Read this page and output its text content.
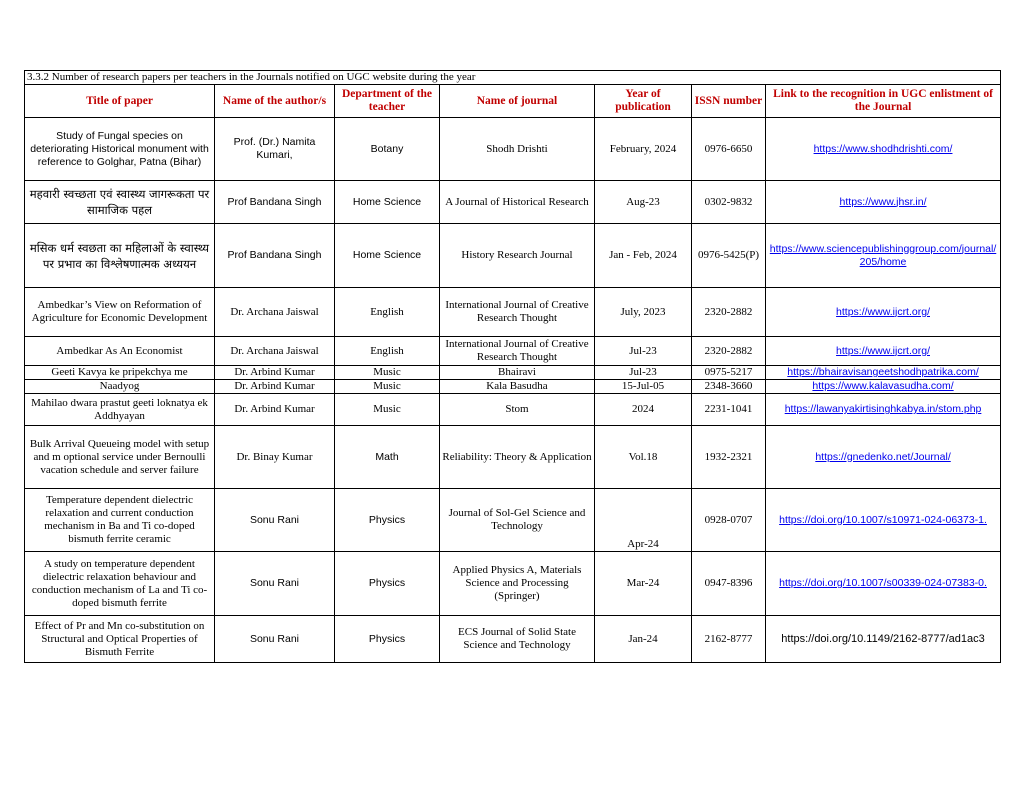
3.3.2 Number of research papers per teachers in the Journals notified on UGC website during the year						
Title of paper	Name of the author/s	Department of the teacher	Name of journal	Year of publication	ISSN number	Link to the recognition in UGC enlistment of the Journal
Study of Fungal species on deteriorating Historical monument with reference to Golghar, Patna (Bihar)	Prof. (Dr.) Namita Kumari,	Botany	Shodh Drishti	February, 2024	0976-6650	https://www.shodhdrishti.com/
महवारी स्वच्छता एवं स्वास्थ्य जागरूकता पर सामाजिक पहल	Prof Bandana Singh	Home Science	A Journal of Historical Research	Aug-23	0302-9832	https://www.jhsr.in/
मसिक धर्म स्वछता का महिलाओं के स्वास्थ्य पर प्रभाव का विश्लेषणात्मक अध्ययन	Prof Bandana Singh	Home Science	History Research Journal	Jan - Feb, 2024	0976-5425(P)	https://www.sciencepublishinggroup.com/journal/205/home
Ambedkar’s View on Reformation of Agriculture for Economic Development	Dr. Archana Jaiswal	English	International Journal of Creative Research Thought	July, 2023	2320-2882	https://www.ijcrt.org/
Ambedkar As An Economist	Dr. Archana Jaiswal	English	International Journal of Creative Research Thought	Jul-23	2320-2882	https://www.ijcrt.org/
Geeti Kavya ke pripekchya me	Dr. Arbind Kumar	Music	Bhairavi	Jul-23	0975-5217	https://bhairavisangeetshodhpatrika.com/
Naadyog	Dr. Arbind Kumar	Music	Kala Basudha	15-Jul-05	2348-3660	https://www.kalavasudha.com/
Mahilao dwara prastut geeti loknatya ek Addhyayan	Dr. Arbind Kumar	Music	Stom	2024	2231-1041	https://lawanyakirtisinghkabya.in/stom.php
Bulk Arrival Queueing model with setup and m optional service under Bernoulli vacation schedule and server failure	Dr. Binay Kumar	Math	Reliability: Theory & Application	Vol.18	1932-2321	https://gnedenko.net/Journal/
Temperature dependent dielectric relaxation and current conduction mechanism in Ba and Ti co-doped bismuth ferrite ceramic	Sonu Rani	Physics	Journal of Sol-Gel Science and Technology	Apr-24	0928-0707	https://doi.org/10.1007/s10971-024-06373-1.
A study on temperature dependent dielectric relaxation behaviour and conduction mechanism of La and Ti co-doped bismuth ferrite	Sonu Rani	Physics	Applied Physics A, Materials Science and Processing (Springer)	Mar-24	0947-8396	https://doi.org/10.1007/s00339-024-07383-0.
Effect of Pr and Mn co-substitution on Structural and Optical Properties of Bismuth Ferrite	Sonu Rani	Physics	ECS Journal of Solid State Science and Technology	Jan-24	2162-8777	https://doi.org/10.1149/2162-8777/ad1ac3
